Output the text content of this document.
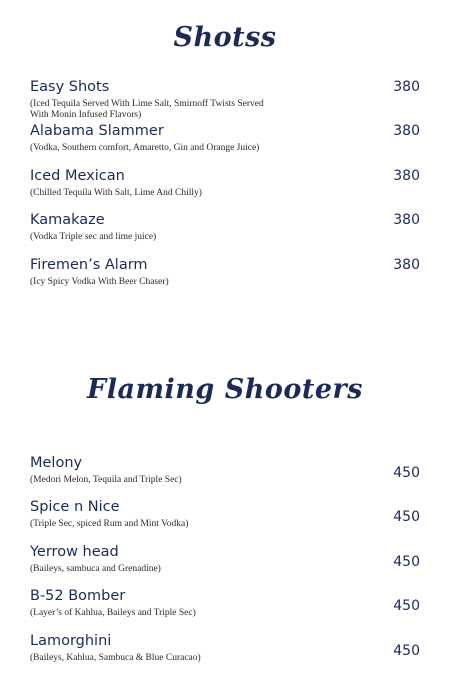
Shotss
Easy Shots
(Iced Tequila Served With Lime Salt, Smirnoff Twists Served With Monin Infused Flavors)
380
Alabama Slammer
(Vodka, Southern comfort, Amaretto, Gin and Orange Juice)
380
Iced Mexican
(Chilled Tequila With Salt, Lime And Chilly)
380
Kamakaze
(Vodka Triple sec and lime juice)
380
Firemen’s Alarm
(Icy Spicy Vodka With Beer Chaser)
380
Flaming Shooters
Melony
(Medori Melon, Tequila and Triple Sec)	450
Spice n Nice
(Triple Sec, spiced Rum and Mint Vodka)	450
Yerrow head
(Baileys, sambuca and Grenadine)	450
B-52 Bomber
(Layer’s of Kahlua, Baileys and Triple Sec)	450
Lamorghini
(Baileys, Kahlua, Sambuca & Blue Curacao)	450
